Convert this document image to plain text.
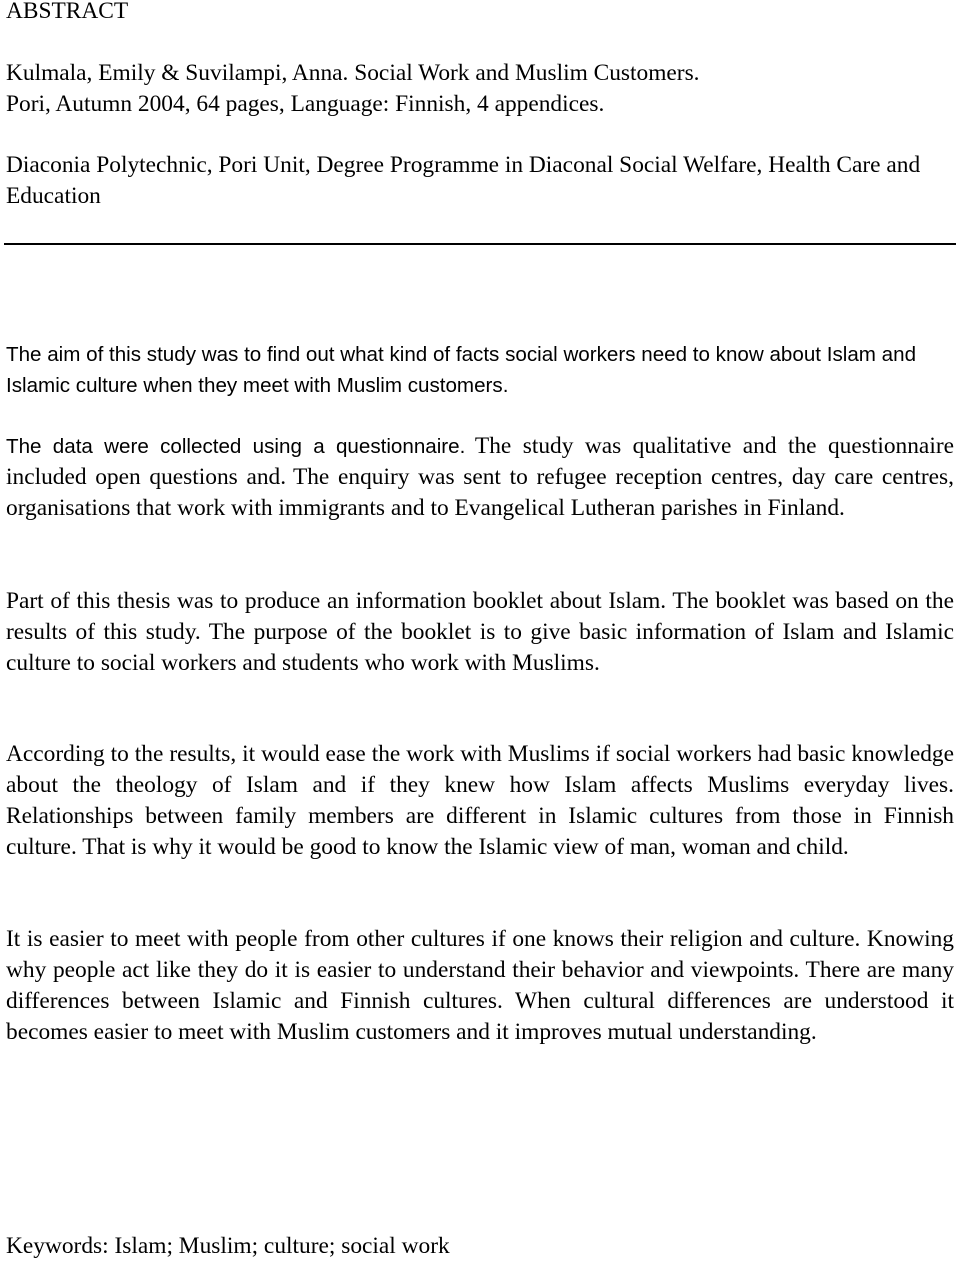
ABSTRACT
Kulmala, Emily & Suvilampi, Anna. Social Work and Muslim Customers.
Pori, Autumn 2004, 64 pages, Language: Finnish, 4 appendices.
Diaconia Polytechnic, Pori Unit, Degree Programme in Diaconal Social Welfare, Health Care and Education

The aim of this study was to find out what kind of facts social workers need to know about Islam and Islamic culture when they meet with Muslim customers.

The data were collected using a questionnaire. The study was qualitative and the questionnaire included open questions and. The enquiry was sent to refugee reception centres, day care centres, organisations that work with immigrants and to Evangelical Lutheran parishes in Finland.

Part of this thesis was to produce an information booklet about Islam. The booklet was based on the results of this study. The purpose of the booklet is to give basic information of Islam and Islamic culture to social workers and students who work with Muslims.

According to the results, it would ease the work with Muslims if social workers had basic knowledge about the theology of Islam and if they knew how Islam affects Muslims everyday lives. Relationships between family members are different in Islamic cultures from those in Finnish culture. That is why it would be good to know the Islamic view of man, woman and child.

It is easier to meet with people from other cultures if one knows their religion and culture. Knowing why people act like they do it is easier to understand their behavior and viewpoints. There are many differences between Islamic and Finnish cultures. When cultural differences are understood it becomes easier to meet with Muslim customers and it improves mutual understanding.

Keywords: Islam; Muslim; culture; social work
